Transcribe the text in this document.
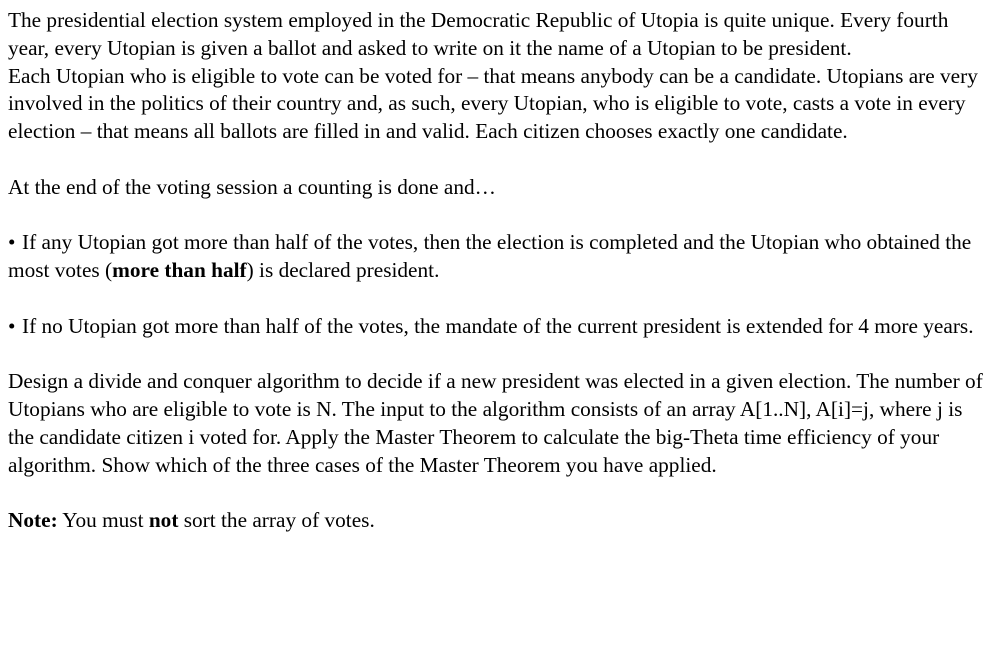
The presidential election system employed in the Democratic Republic of Utopia is quite unique. Every fourth year, every Utopian is given a ballot and asked to write on it the name of a Utopian to be president.

Each Utopian who is eligible to vote can be voted for – that means anybody can be a candidate. Utopians are very involved in the politics of their country and, as such, every Utopian, who is eligible to vote, casts a vote in every election – that means all ballots are filled in and valid. Each citizen chooses exactly one candidate.

At the end of the voting session a counting is done and…

• If any Utopian got more than half of the votes, then the election is completed and the Utopian who obtained the most votes (more than half) is declared president.

• If no Utopian got more than half of the votes, the mandate of the current president is extended for 4 more years.

Design a divide and conquer algorithm to decide if a new president was elected in a given election. The number of Utopians who are eligible to vote is N. The input to the algorithm consists of an array A[1..N], A[i]=j, where j is the candidate citizen i voted for. Apply the Master Theorem to calculate the big-Theta time efficiency of your algorithm. Show which of the three cases of the Master Theorem you have applied.

Note: You must not sort the array of votes.
